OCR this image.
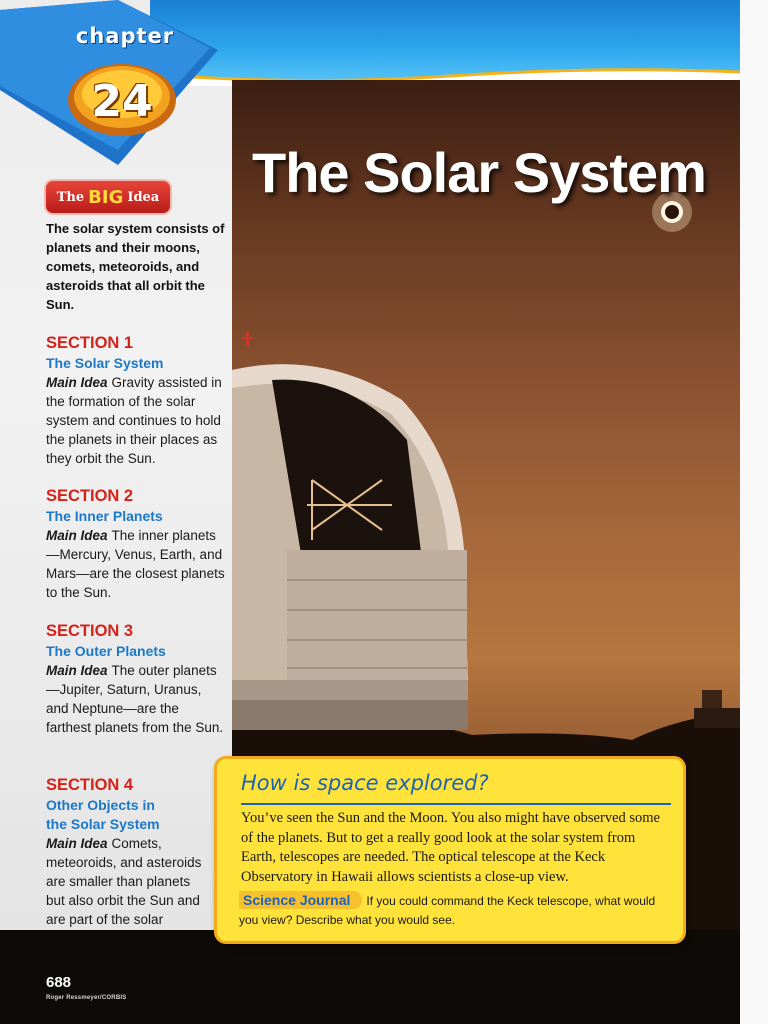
chapter
24
The Solar System
The BIG Idea
The solar system consists of planets and their moons, comets, meteoroids, and asteroids that all orbit the Sun.
SECTION 1
The Solar System
Main Idea Gravity assisted in the formation of the solar system and continues to hold the planets in their places as they orbit the Sun.
SECTION 2
The Inner Planets
Main Idea The inner planets—Mercury, Venus, Earth, and Mars—are the closest planets to the Sun.
SECTION 3
The Outer Planets
Main Idea The outer planets—Jupiter, Saturn, Uranus, and Neptune—are the farthest planets from the Sun.
SECTION 4
Other Objects in the Solar System
Main Idea Comets, meteoroids, and asteroids are smaller than planets but also orbit the Sun and are part of the solar
How is space explored?
You’ve seen the Sun and the Moon. You also might have observed some of the planets. But to get a really good look at the solar system from Earth, telescopes are needed. The optical telescope at the Keck Observatory in Hawaii allows scientists a close-up view.
Science Journal If you could command the Keck telescope, what would you view? Describe what you would see.
688
Roger Ressmeyer/CORBIS
